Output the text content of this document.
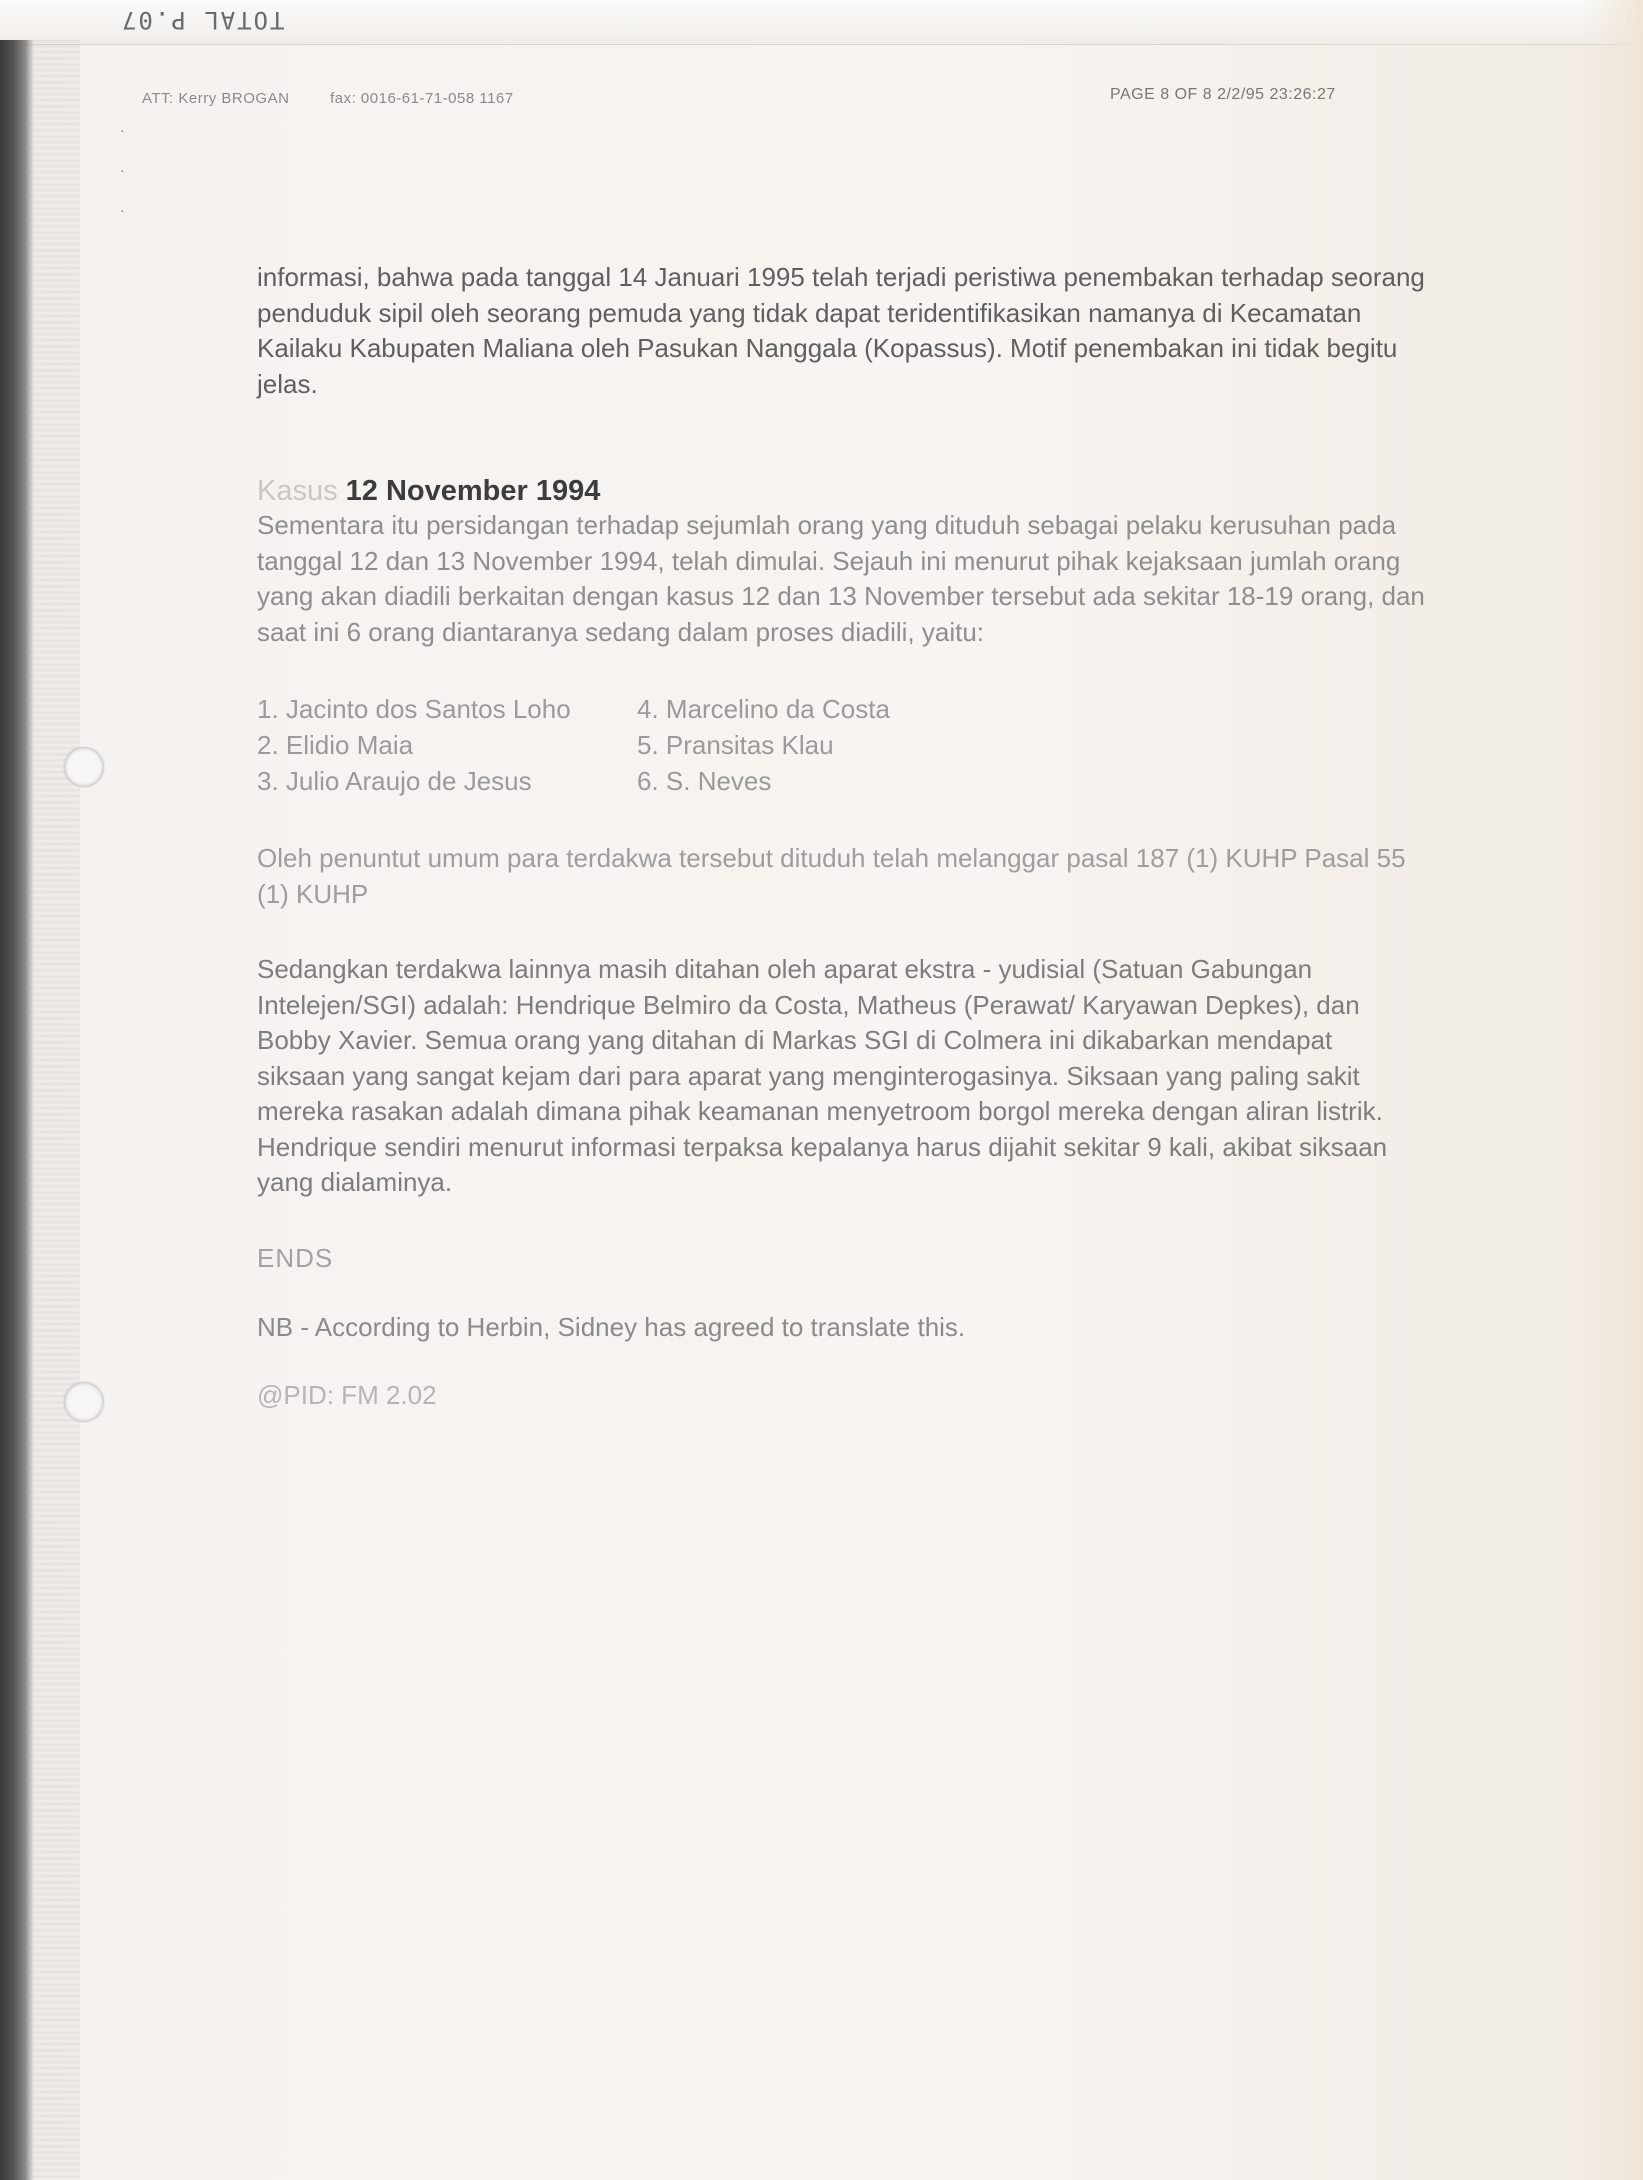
TOTAL P.07
ATT: Kerry BROGAN	fax: 0016-61-71-058 1167	PAGE 8 OF 8 2/2/95 23:26:27
·
·
·

informasi, bahwa pada tanggal 14 Januari 1995 telah terjadi peristiwa penembakan terhadap seorang penduduk sipil oleh seorang pemuda yang tidak dapat teridentifikasikan namanya di Kecamatan Kailaku Kabupaten Maliana oleh Pasukan Nanggala (Kopassus). Motif penembakan ini tidak begitu jelas.

Kasus 12 November 1994

Sementara itu persidangan terhadap sejumlah orang yang dituduh sebagai pelaku kerusuhan pada tanggal 12 dan 13 November 1994, telah dimulai. Sejauh ini menurut pihak kejaksaan jumlah orang yang akan diadili berkaitan dengan kasus 12 dan 13 November tersebut ada sekitar 18-19 orang, dan saat ini 6 orang diantaranya sedang dalam proses diadili, yaitu:

1. Jacinto dos Santos Loho	4. Marcelino da Costa
2. Elidio Maia	5. Pransitas Klau
3. Julio Araujo de Jesus	6. S. Neves

Oleh penuntut umum para terdakwa tersebut dituduh telah melanggar pasal 187 (1) KUHP Pasal 55 (1) KUHP

Sedangkan terdakwa lainnya masih ditahan oleh aparat ekstra - yudisial (Satuan Gabungan Intelejen/SGI) adalah: Hendrique Belmiro da Costa, Matheus (Perawat/ Karyawan Depkes), dan Bobby Xavier. Semua orang yang ditahan di Markas SGI di Colmera ini dikabarkan mendapat siksaan yang sangat kejam dari para aparat yang menginterogasinya. Siksaan yang paling sakit mereka rasakan adalah dimana pihak keamanan menyetroom borgol mereka dengan aliran listrik. Hendrique sendiri menurut informasi terpaksa kepalanya harus dijahit sekitar 9 kali, akibat siksaan yang dialaminya.

ENDS

NB - According to Herbin, Sidney has agreed to translate this.

@PID: FM 2.02
